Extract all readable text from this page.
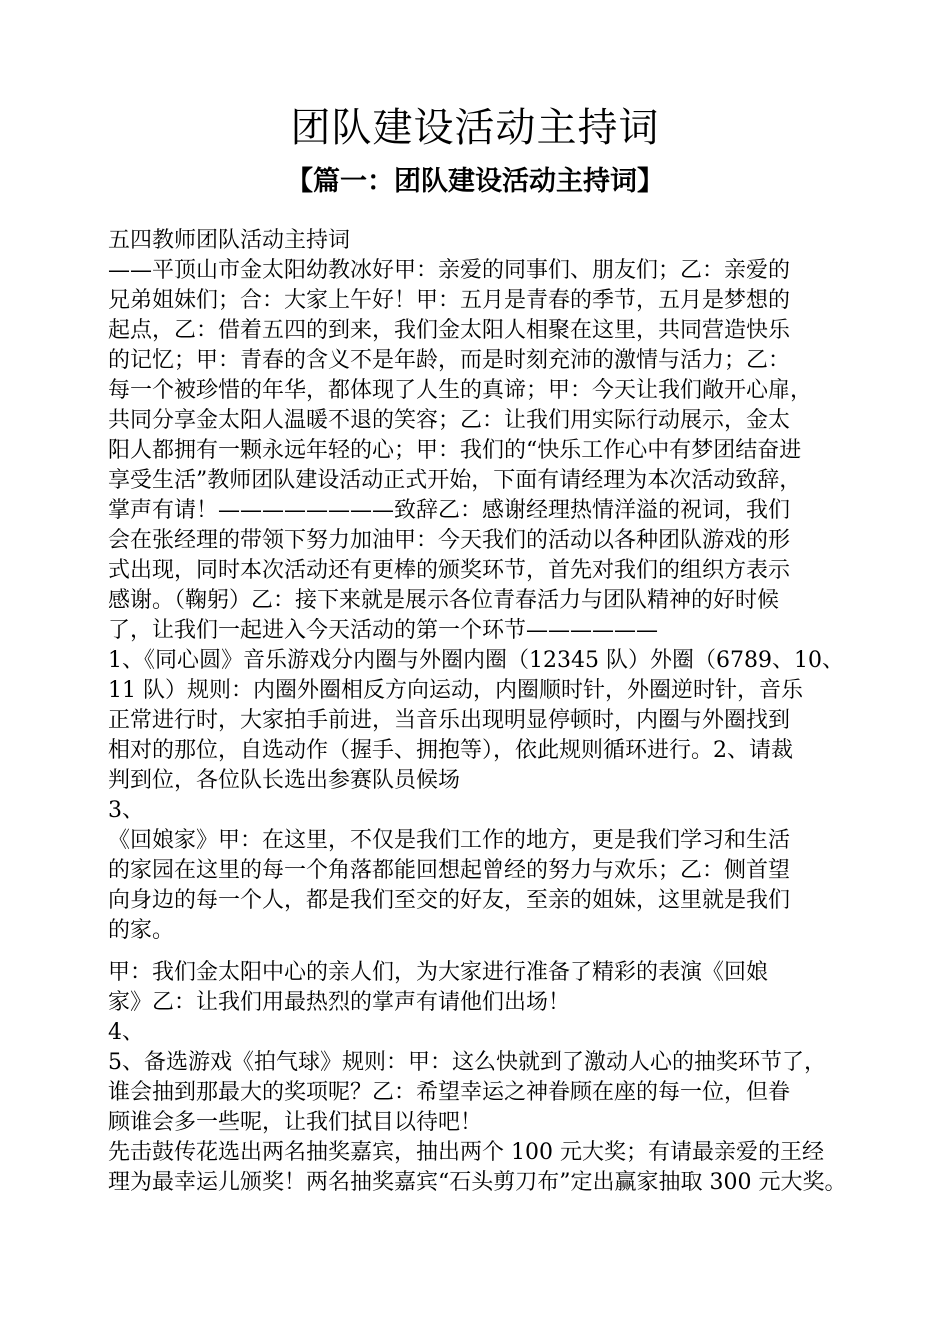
团队建设活动主持词
【篇一：团队建设活动主持词】
五四教师团队活动主持词
——平顶山市金太阳幼教冰好甲：亲爱的同事们、朋友们；乙：亲爱的
兄弟姐妹们；合：大家上午好！甲：五月是青春的季节，五月是梦想的
起点，乙：借着五四的到来，我们金太阳人相聚在这里，共同营造快乐
的记忆；甲：青春的含义不是年龄，而是时刻充沛的激情与活力；乙：
每一个被珍惜的年华，都体现了人生的真谛；甲：今天让我们敞开心扉，
共同分享金太阳人温暖不退的笑容；乙：让我们用实际行动展示，金太
阳人都拥有一颗永远年轻的心；甲：我们的“快乐工作心中有梦团结奋进
享受生活”教师团队建设活动正式开始，下面有请经理为本次活动致辞，
掌声有请！————————致辞乙：感谢经理热情洋溢的祝词，我们
会在张经理的带领下努力加油甲：今天我们的活动以各种团队游戏的形
式出现，同时本次活动还有更棒的颁奖环节，首先对我们的组织方表示
感谢。（鞠躬）乙：接下来就是展示各位青春活力与团队精神的好时候
了，让我们一起进入今天活动的第一个环节——————
1、《同心圆》音乐游戏分内圈与外圈内圈（12345 队）外圈（6789、10、
11 队）规则：内圈外圈相反方向运动，内圈顺时针，外圈逆时针，音乐
正常进行时，大家拍手前进，当音乐出现明显停顿时，内圈与外圈找到
相对的那位，自选动作（握手、拥抱等），依此规则循环进行。2、请裁
判到位，各位队长选出参赛队员候场
3、
《回娘家》甲：在这里，不仅是我们工作的地方，更是我们学习和生活
的家园在这里的每一个角落都能回想起曾经的努力与欢乐；乙：侧首望
向身边的每一个人，都是我们至交的好友，至亲的姐妹，这里就是我们
的家。
甲：我们金太阳中心的亲人们，为大家进行准备了精彩的表演《回娘
家》乙：让我们用最热烈的掌声有请他们出场！
4、
5、备选游戏《拍气球》规则：甲：这么快就到了激动人心的抽奖环节了，
谁会抽到那最大的奖项呢？乙：希望幸运之神眷顾在座的每一位，但眷
顾谁会多一些呢，让我们拭目以待吧！
先击鼓传花选出两名抽奖嘉宾，抽出两个 100 元大奖；有请最亲爱的王经
理为最幸运儿颁奖！两名抽奖嘉宾“石头剪刀布”定出赢家抽取 300 元大奖。
